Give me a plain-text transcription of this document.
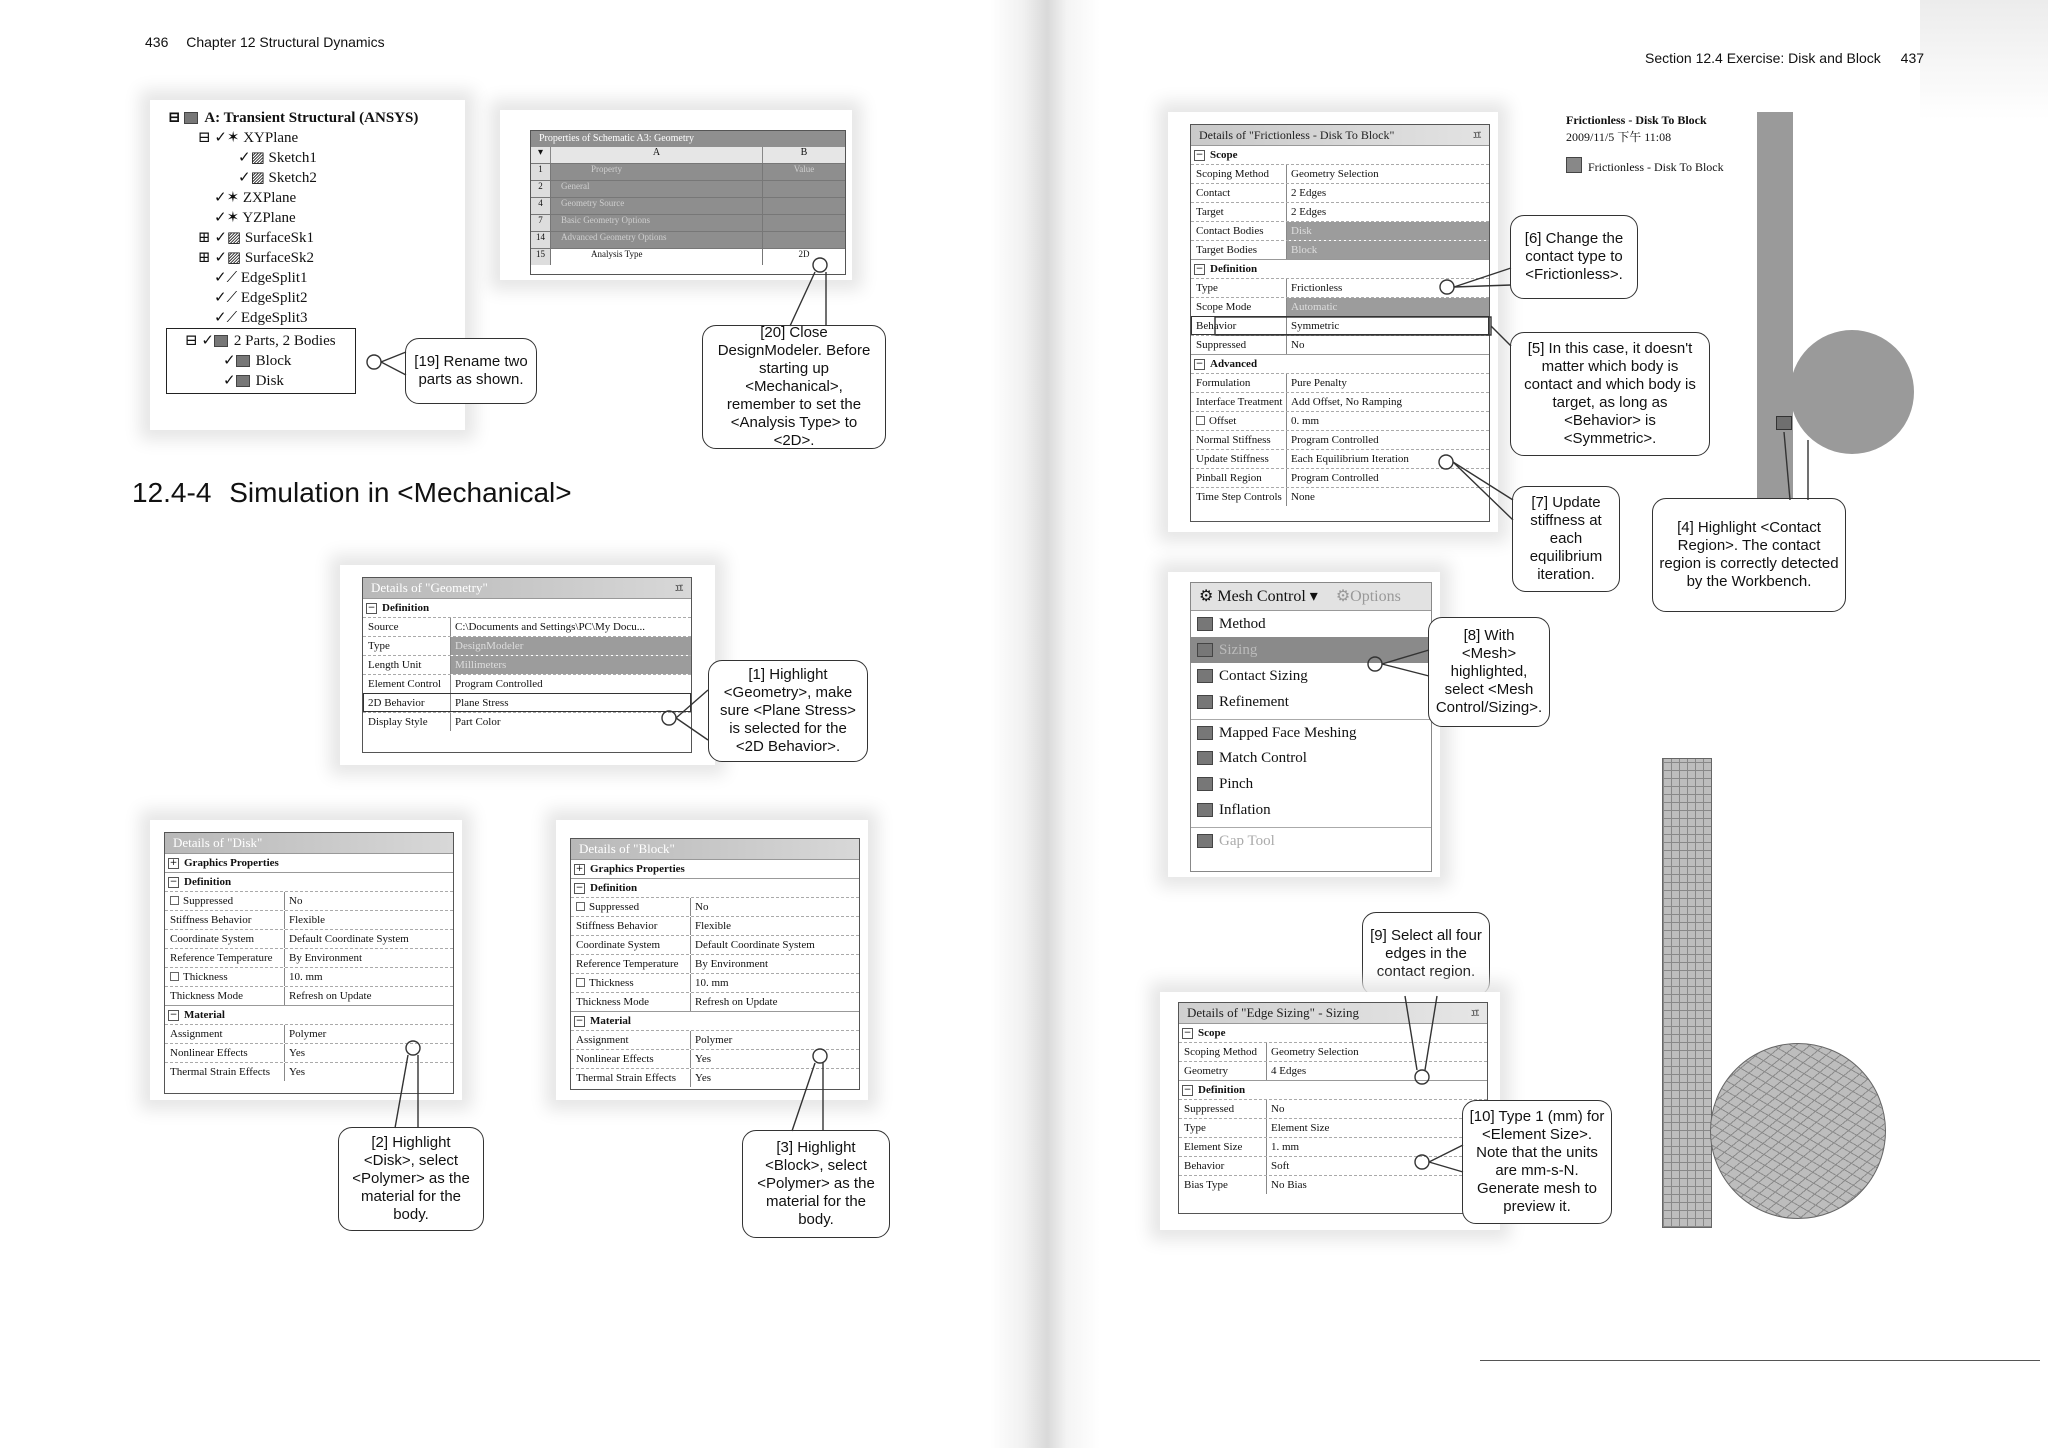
436 Chapter 12 Structural Dynamics
⊟ A: Transient Structural (ANSYS)
⊟ ✓✶ XYPlane
✓▨ Sketch1
✓▨ Sketch2
✓✶ ZXPlane
✓✶ YZPlane
⊞ ✓▨ SurfaceSk1
⊞ ✓▨ SurfaceSk2
✓⟋ EdgeSplit1
✓⟋ EdgeSplit2
✓⟋ EdgeSplit3
⊟ ✓ 2 Parts, 2 Bodies
✓ Block
✓ Disk
[19] Rename two parts as shown.
Properties of Schematic A3: Geometry
▾	A	B
1	Property	Value
2	General
4	Geometry Source
7	Basic Geometry Options
14	Advanced Geometry Options
15	Analysis Type	2D
[20] Close DesignModeler. Before starting up <Mechanical>, remember to set the <Analysis Type> to <2D>.
12.4-4 Simulation in <Mechanical>
Details of "Geometry"	ㅍ
− Definition
Source	C:\Documents and Settings\PC\My Docu...
Type	DesignModeler
Length Unit	Millimeters
Element Control	Program Controlled
2D Behavior	Plane Stress
Display Style	Part Color
[1] Highlight <Geometry>, make sure <Plane Stress> is selected for the <2D Behavior>.
Details of "Disk"
+ Graphics Properties
− Definition
Suppressed	No
Stiffness Behavior	Flexible
Coordinate System	Default Coordinate System
Reference Temperature	By Environment
Thickness	10. mm
Thickness Mode	Refresh on Update
− Material
Assignment	Polymer
Nonlinear Effects	Yes
Thermal Strain Effects	Yes
[2] Highlight <Disk>, select <Polymer> as the material for the body.
Details of "Block"
+ Graphics Properties
− Definition
Suppressed	No
Stiffness Behavior	Flexible
Coordinate System	Default Coordinate System
Reference Temperature	By Environment
Thickness	10. mm
Thickness Mode	Refresh on Update
− Material
Assignment	Polymer
Nonlinear Effects	Yes
Thermal Strain Effects	Yes
[3] Highlight <Block>, select <Polymer> as the material for the body.
Section 12.4 Exercise: Disk and Block 437
Details of "Frictionless - Disk To Block"	ㅍ
− Scope
Scoping Method	Geometry Selection
Contact	2 Edges
Target	2 Edges
Contact Bodies	Disk
Target Bodies	Block
− Definition
Type	Frictionless
Scope Mode	Automatic
Behavior	Symmetric
Suppressed	No
− Advanced
Formulation	Pure Penalty
Interface Treatment Add Offset, No Ramping
Offset	0. mm
Normal Stiffness	Program Controlled
Update Stiffness	Each Equilibrium Iteration
Pinball Region	Program Controlled
Time Step Controls None
Frictionless - Disk To Block
2009/11/5 下午 11:08
Frictionless - Disk To Block
[6] Change the contact type to <Frictionless>.
[5] In this case, it doesn't matter which body is contact and which body is target, as long as <Behavior> is <Symmetric>.
[7] Update stiffness at each equilibrium iteration.
[4] Highlight <Contact Region>. The contact region is correctly detected by the Workbench.
⚙ Mesh Control ▾ ⚙Options
Method
Sizing
Contact Sizing
Refinement
Mapped Face Meshing
Match Control
Pinch
Inflation
Gap Tool
[8] With <Mesh> highlighted, select <Mesh Control/Sizing>.
[9] Select all four edges in the contact region.
Details of "Edge Sizing" - Sizing	ㅍ
− Scope
Scoping Method	Geometry Selection
Geometry	4 Edges
− Definition
Suppressed	No
Type	Element Size
Element Size	1. mm
Behavior	Soft
Bias Type	No Bias
[10] Type 1 (mm) for <Element Size>. Note that the units are mm-s-N. Generate mesh to preview it.
